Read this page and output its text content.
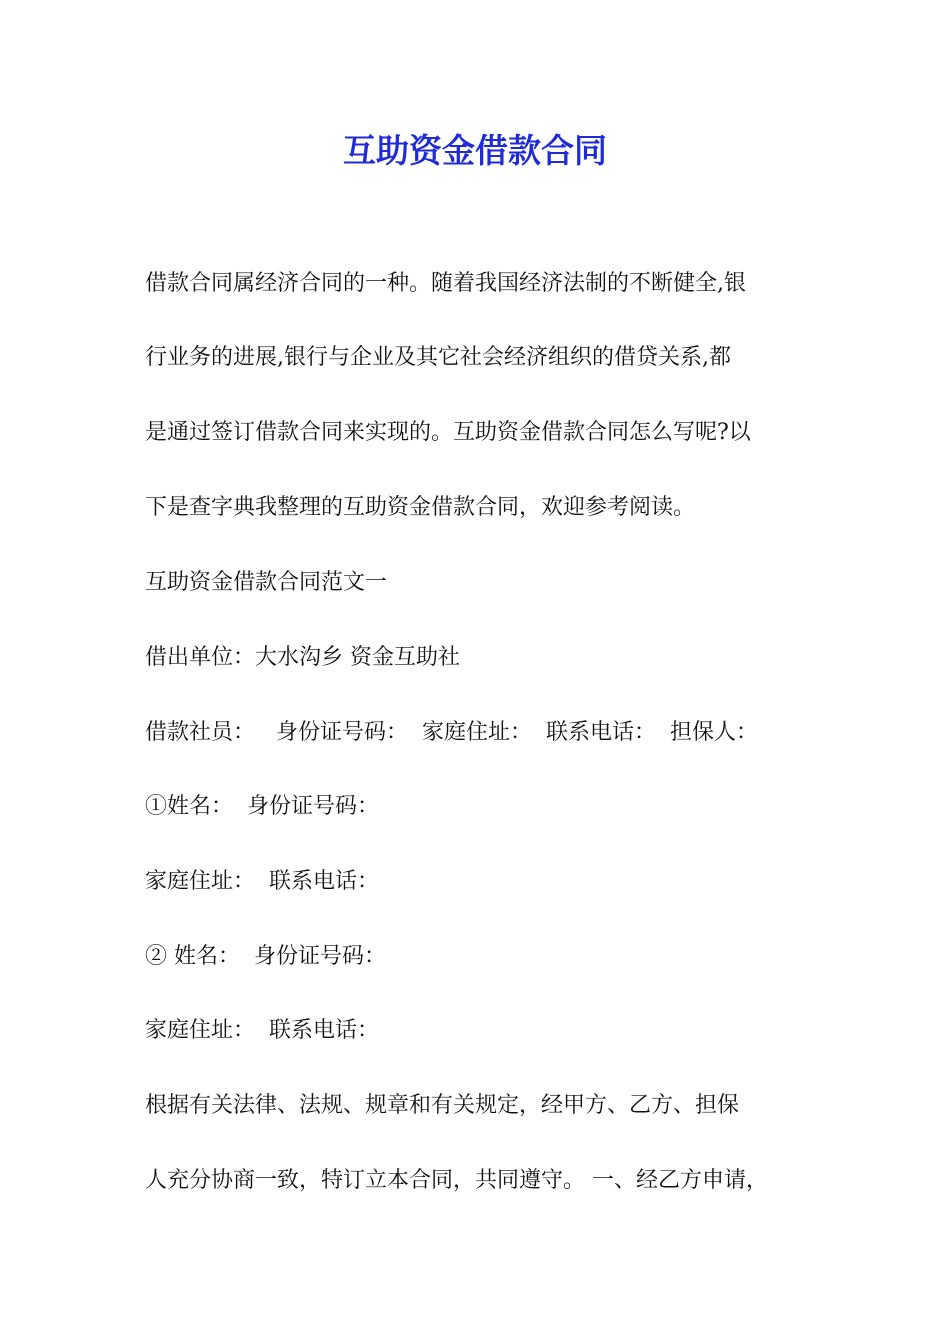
互助资金借款合同

借款合同属经济合同的一种。随着我国经济法制的不断健全,银

行业务的进展,银行与企业及其它社会经济组织的借贷关系,都

是通过签订借款合同来实现的。互助资金借款合同怎么写呢?以

下是查字典我整理的互助资金借款合同，欢迎参考阅读。

互助资金借款合同范文一

借出单位：大水沟乡 资金互助社

借款社员：   身份证号码：  家庭住址：  联系电话：  担保人：

①姓名：  身份证号码：

家庭住址：  联系电话：

② 姓名：  身份证号码：

家庭住址：  联系电话：

根据有关法律、法规、规章和有关规定，经甲方、乙方、担保

人充分协商一致，特订立本合同，共同遵守。 一、经乙方申请，
